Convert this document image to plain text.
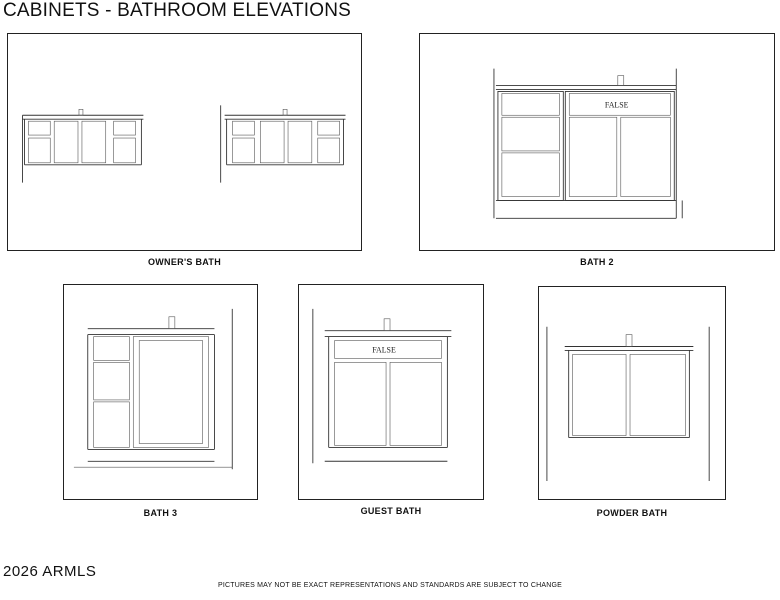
CABINETS - BATHROOM ELEVATIONS
OWNER'S BATH
FALSE
BATH 2
BATH 3
FALSE
GUEST BATH	POWDER BATH
2026 ARMLS
PICTURES MAY NOT BE EXACT REPRESENTATIONS AND STANDARDS ARE SUBJECT TO CHANGE
